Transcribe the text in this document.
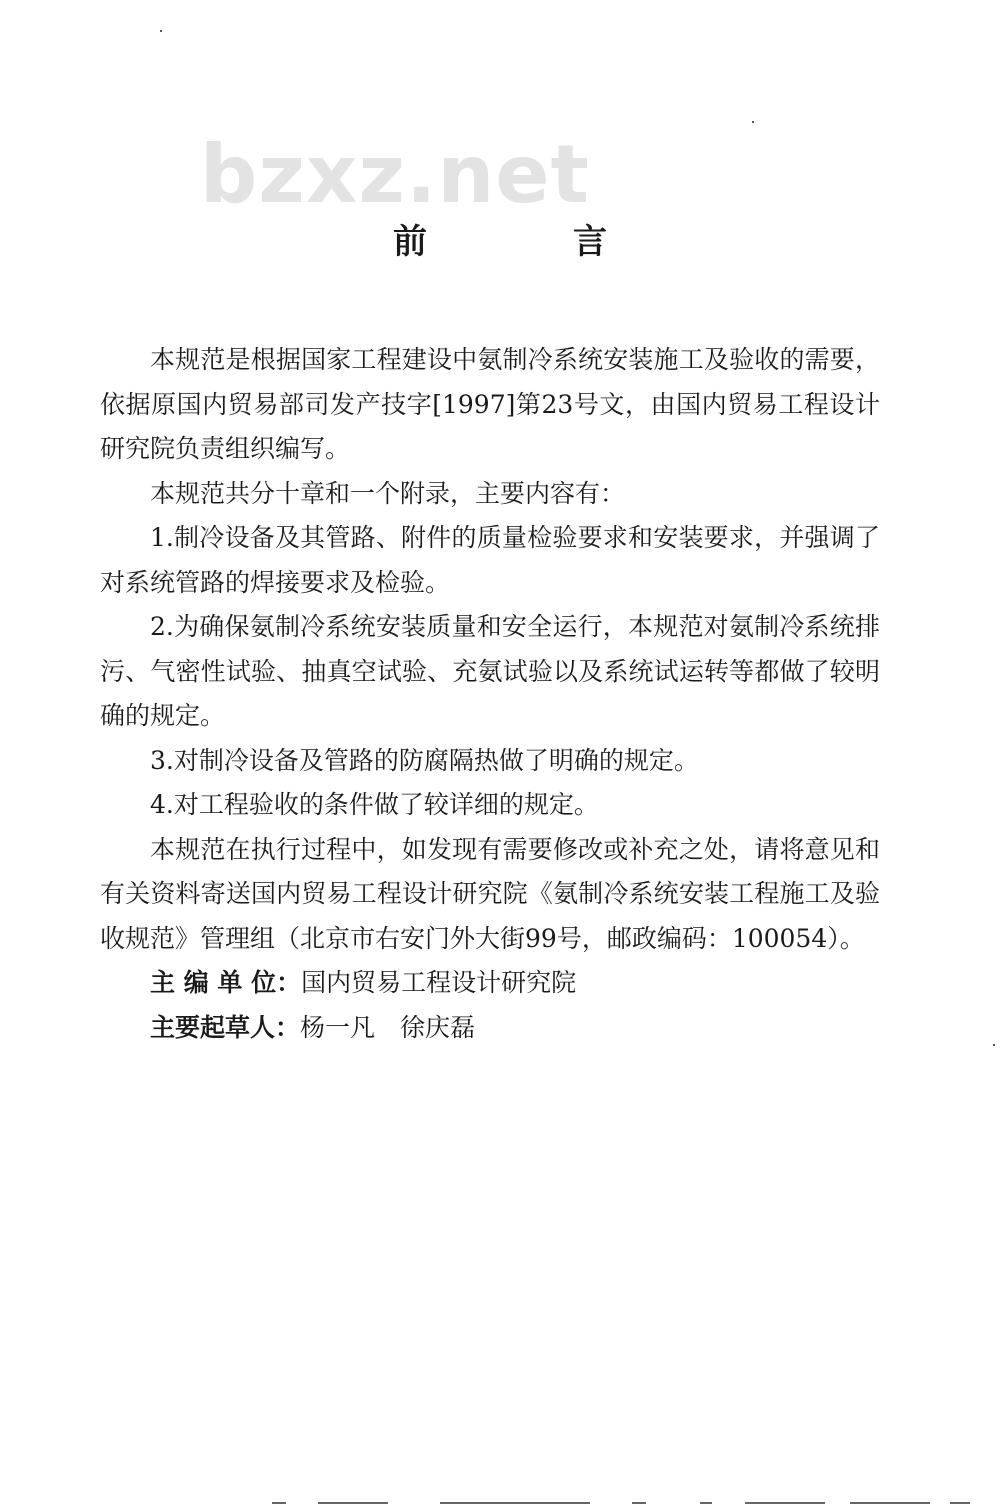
bzxz.net
前　言

本规范是根据国家工程建设中氨制冷系统安装施工及验收的需要，依据原国内贸易部司发产技字[1997]第23号文，由国内贸易工程设计研究院负责组织编写。

本规范共分十章和一个附录，主要内容有：

1.制冷设备及其管路、附件的质量检验要求和安装要求，并强调了对系统管路的焊接要求及检验。

2.为确保氨制冷系统安装质量和安全运行，本规范对氨制冷系统排污、气密性试验、抽真空试验、充氨试验以及系统试运转等都做了较明确的规定。

3.对制冷设备及管路的防腐隔热做了明确的规定。

4.对工程验收的条件做了较详细的规定。

本规范在执行过程中，如发现有需要修改或补充之处，请将意见和有关资料寄送国内贸易工程设计研究院《氨制冷系统安装工程施工及验收规范》管理组（北京市右安门外大街99号，邮政编码：100054）。

主 编 单 位：国内贸易工程设计研究院

主要起草人：杨一凡　徐庆磊
